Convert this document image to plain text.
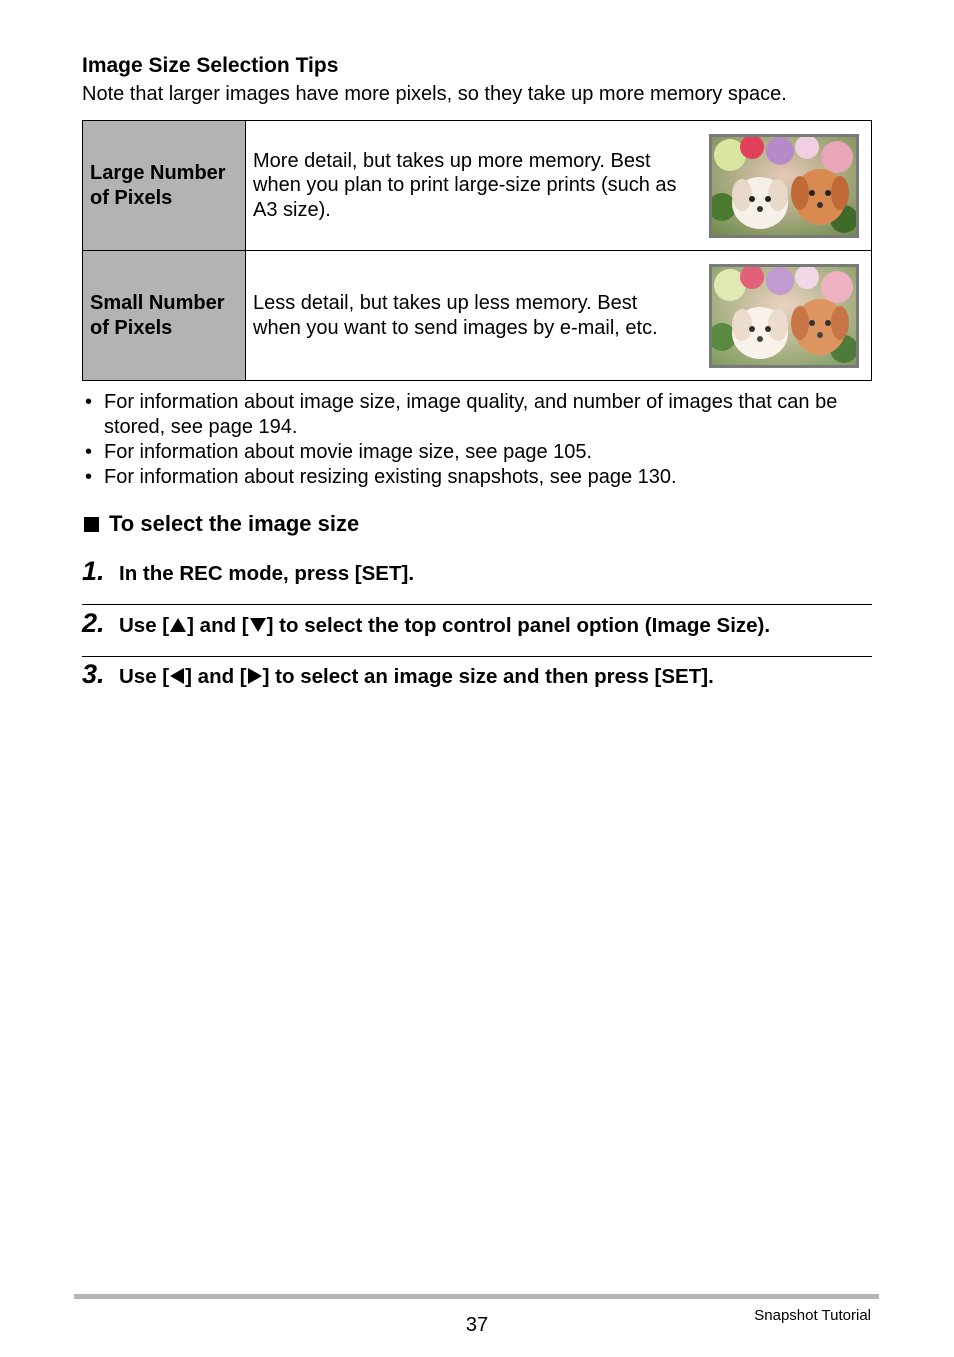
Image Size Selection Tips

Note that larger images have more pixels, so they take up more memory space.

Large Number
of Pixels	More detail, but takes up more memory. Best when you plan to print large-size prints (such as A3 size).

Small Number
of Pixels	Less detail, but takes up less memory. Best when you want to send images by e-mail, etc.
• For information about image size, image quality, and number of images that can be stored, see page 194.
• For information about movie image size, see page 105.
• For information about resizing existing snapshots, see page 130.
To select the image size
1. In the REC mode, press [SET].
2. Use [ ] and [ ] to select the top control panel option (Image Size).
3. Use [ ] and [ ] to select an image size and then press [SET].
37	Snapshot Tutorial
